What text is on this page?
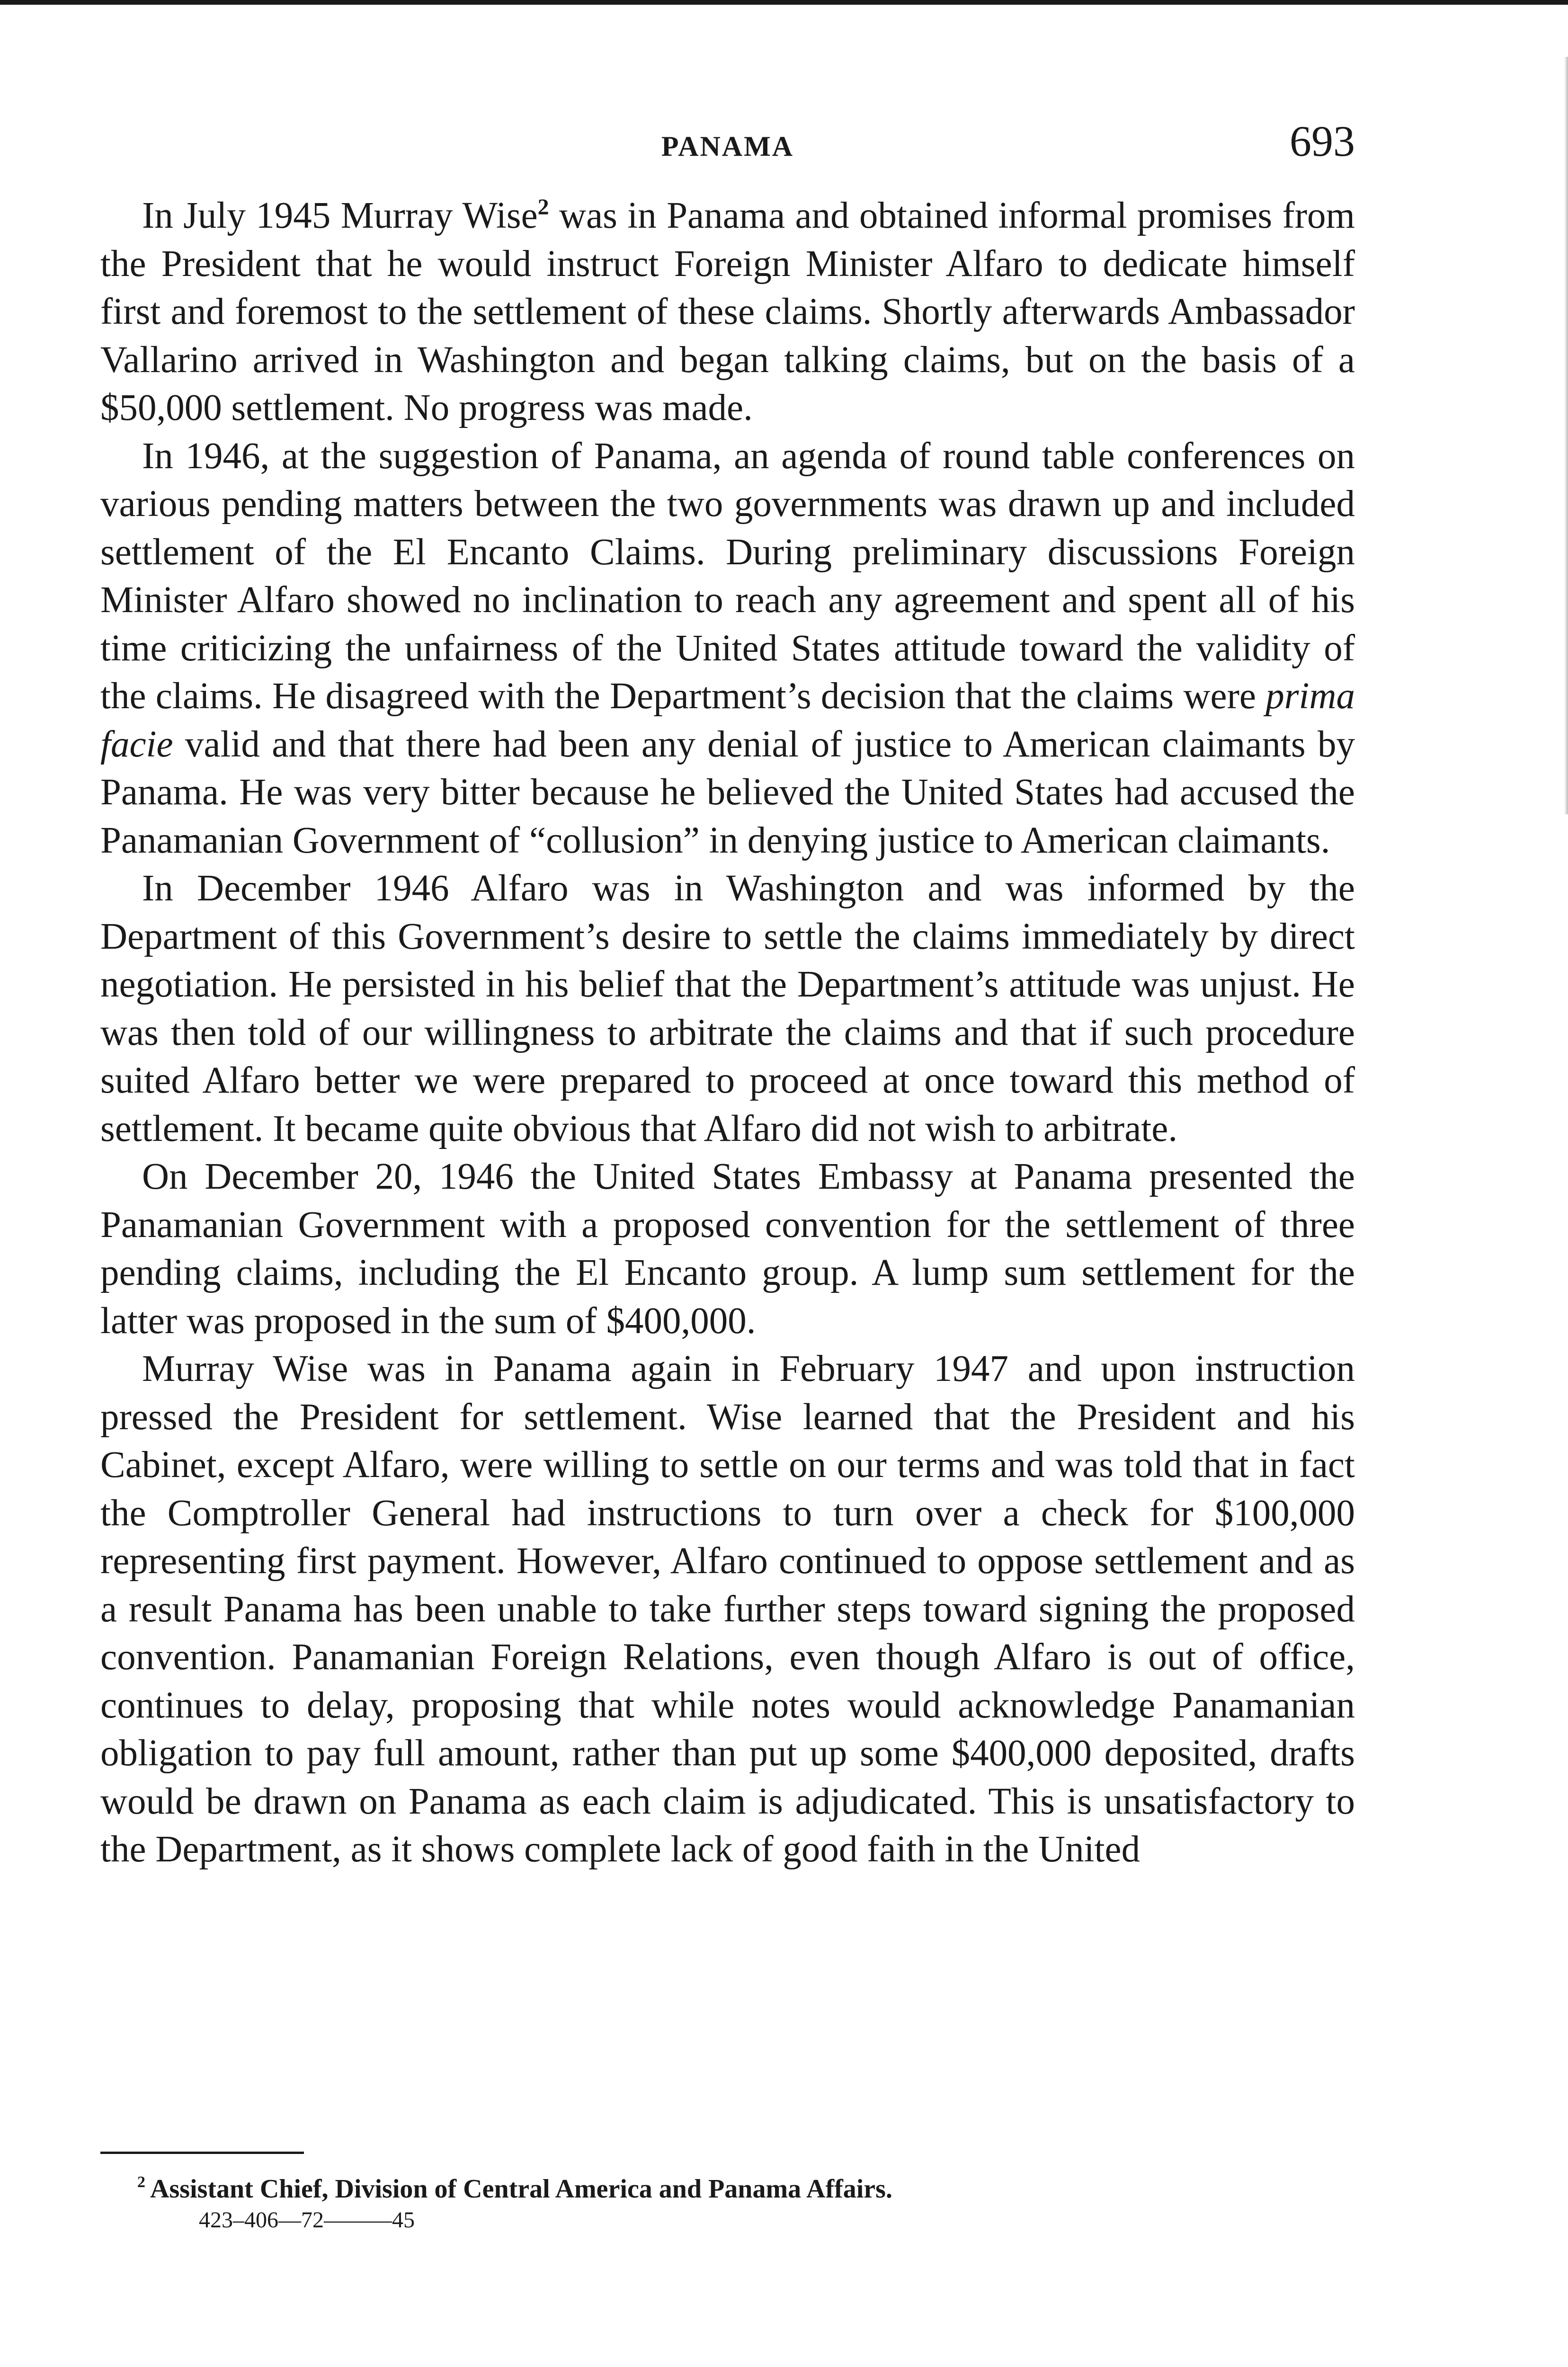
PANAMA	693

In July 1945 Murray Wise$^2$ was in Panama and obtained informal promises from the President that he would instruct Foreign Minister Alfaro to dedicate himself first and foremost to the settlement of these claims. Shortly afterwards Ambassador Vallarino arrived in Washington and began talking claims, but on the basis of a $50,000 settlement. No progress was made.

In 1946, at the suggestion of Panama, an agenda of round table conferences on various pending matters between the two governments was drawn up and included settlement of the El Encanto Claims. During preliminary discussions Foreign Minister Alfaro showed no inclination to reach any agreement and spent all of his time criticizing the unfairness of the United States attitude toward the validity of the claims. He disagreed with the Department’s decision that the claims were prima facie valid and that there had been any denial of justice to American claimants by Panama. He was very bitter because he believed the United States had accused the Panamanian Government of “collusion” in denying justice to American claimants.

In December 1946 Alfaro was in Washington and was informed by the Department of this Government’s desire to settle the claims immediately by direct negotiation. He persisted in his belief that the Department’s attitude was unjust. He was then told of our willingness to arbitrate the claims and that if such procedure suited Alfaro better we were prepared to proceed at once toward this method of settlement. It became quite obvious that Alfaro did not wish to arbitrate.

On December 20, 1946 the United States Embassy at Panama presented the Panamanian Government with a proposed convention for the settlement of three pending claims, including the El Encanto group. A lump sum settlement for the latter was proposed in the sum of $400,000.

Murray Wise was in Panama again in February 1947 and upon instruction pressed the President for settlement. Wise learned that the President and his Cabinet, except Alfaro, were willing to settle on our terms and was told that in fact the Comptroller General had instructions to turn over a check for $100,000 representing first payment. However, Alfaro continued to oppose settlement and as a result Panama has been unable to take further steps toward signing the proposed convention. Panamanian Foreign Relations, even though Alfaro is out of office, continues to delay, proposing that while notes would acknowledge Panamanian obligation to pay full amount, rather than put up some $400,000 deposited, drafts would be drawn on Panama as each claim is adjudicated. This is unsatisfactory to the Department, as it shows complete lack of good faith in the United

$^2$ Assistant Chief, Division of Central America and Panama Affairs.
423–406—72———45
